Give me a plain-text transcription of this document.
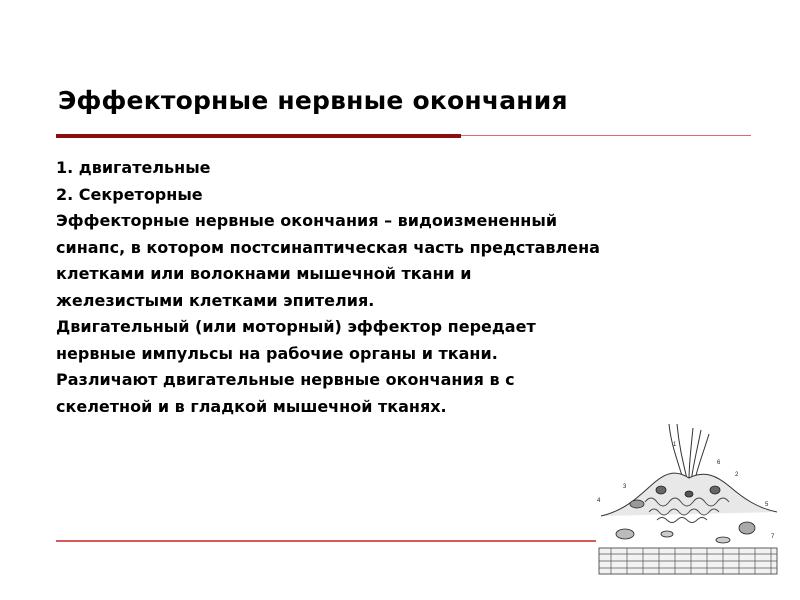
Эффекторные нервные окончания
1. двигательные
2. Секреторные
Эффекторные нервные окончания – видоизмененный
синапс, в котором постсинаптическая часть представлена
клетками или волокнами мышечной ткани и
железистыми клетками эпителия.
Двигательный (или моторный) эффектор передает
нервные импульсы на рабочие органы и ткани.
Различают двигательные нервные окончания в с
скелетной и в гладкой мышечной тканях.
1
2
3
4
5
6
7
